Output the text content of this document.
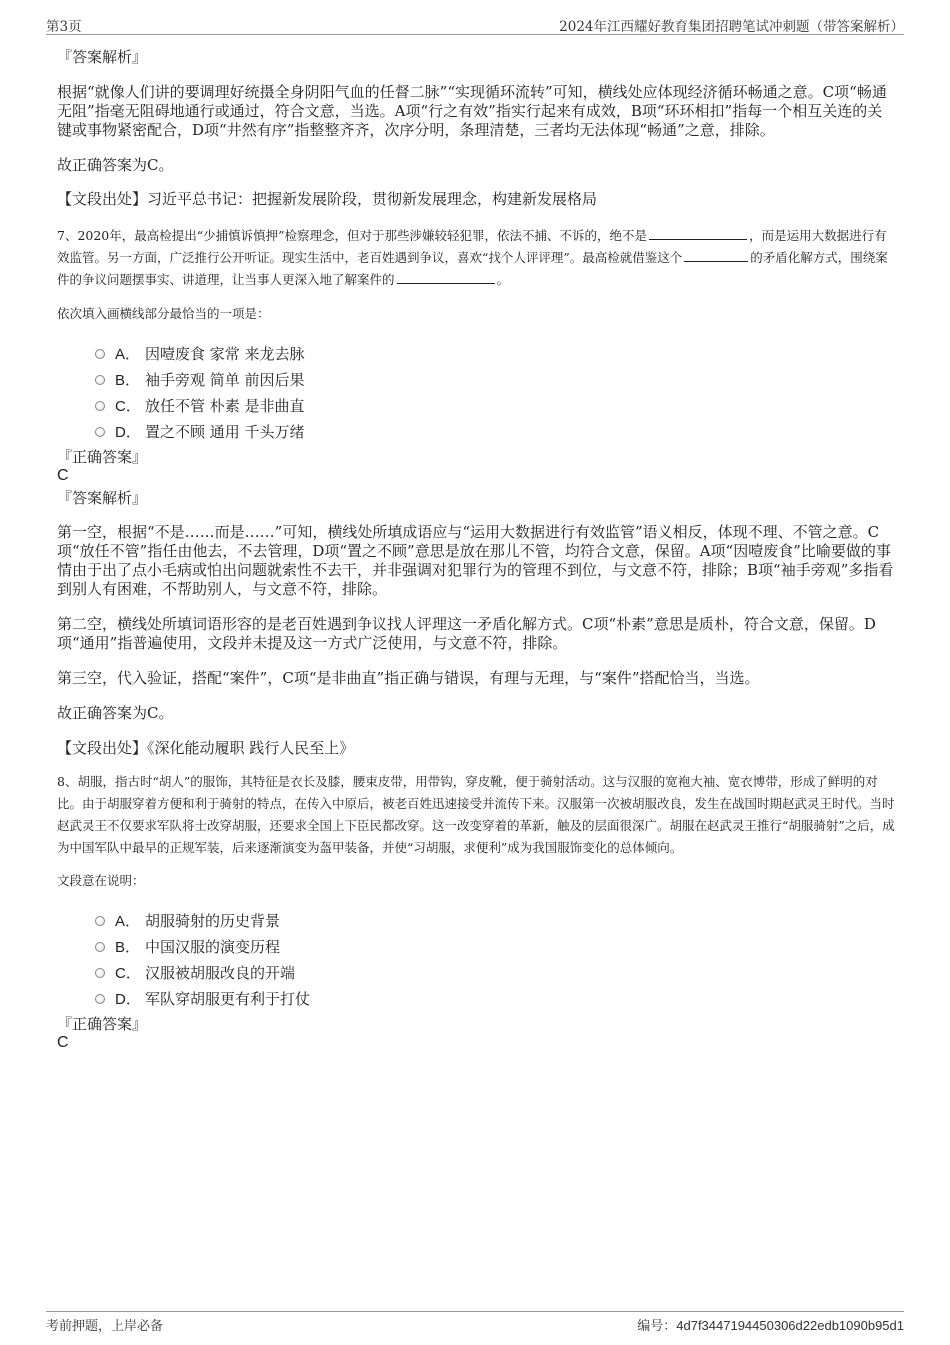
第3页	2024年江西耀好教育集团招聘笔试冲刺题（带答案解析）

『答案解析』

根据“就像人们讲的要调理好统摄全身阴阳气血的任督二脉”“实现循环流转”可知，横线处应体现经济循环畅通之意。C项“畅通无阻”指毫无阻碍地通行或通过，符合文意，当选。A项“行之有效”指实行起来有成效，B项“环环相扣”指每一个相互关连的关键或事物紧密配合，D项“井然有序”指整整齐齐，次序分明，条理清楚，三者均无法体现“畅通”之意，排除。

故正确答案为C。

【文段出处】习近平总书记：把握新发展阶段，贯彻新发展理念，构建新发展格局

7、2020年，最高检提出“少捕慎诉慎押”检察理念，但对于那些涉嫌较轻犯罪，依法不捕、不诉的，绝不是	，而是运用大数据进行有效监管。另一方面，广泛推行公开听证。现实生活中，老百姓遇到争议，喜欢“找个人评评理”。最高检就借鉴这个	的矛盾化解方式，围绕案件的争议问题摆事实、讲道理，让当事人更深入地了解案件的	。

依次填入画横线部分最恰当的一项是：

A． 因噎废食 家常 来龙去脉
B． 袖手旁观 简单 前因后果
C． 放任不管 朴素 是非曲直
D． 置之不顾 通用 千头万绪

『正确答案』

C

『答案解析』

第一空，根据“不是……而是……”可知，横线处所填成语应与“运用大数据进行有效监管”语义相反，体现不理、不管之意。C项“放任不管”指任由他去，不去管理，D项“置之不顾”意思是放在那儿不管，均符合文意，保留。A项“因噎废食”比喻要做的事情由于出了点小毛病或怕出问题就索性不去干，并非强调对犯罪行为的管理不到位，与文意不符，排除；B项“袖手旁观”多指看到别人有困难，不帮助别人，与文意不符，排除。

第二空，横线处所填词语形容的是老百姓遇到争议找人评理这一矛盾化解方式。C项“朴素”意思是质朴，符合文意，保留。D项“通用”指普遍使用，文段并未提及这一方式广泛使用，与文意不符，排除。

第三空，代入验证，搭配“案件”，C项“是非曲直”指正确与错误，有理与无理，与“案件”搭配恰当，当选。

故正确答案为C。

【文段出处】《深化能动履职 践行人民至上》

8、胡服，指古时“胡人”的服饰，其特征是衣长及膝，腰束皮带，用带钩，穿皮靴，便于骑射活动。这与汉服的宽袍大袖、宽衣博带，形成了鲜明的对比。由于胡服穿着方便和利于骑射的特点，在传入中原后，被老百姓迅速接受并流传下来。汉服第一次被胡服改良，发生在战国时期赵武灵王时代。当时赵武灵王不仅要求军队将士改穿胡服，还要求全国上下臣民都改穿。这一改变穿着的革新，触及的层面很深广。胡服在赵武灵王推行“胡服骑射”之后，成为中国军队中最早的正规军装，后来逐渐演变为盔甲装备，并使“习胡服，求便利”成为我国服饰变化的总体倾向。

文段意在说明：

A． 胡服骑射的历史背景
B． 中国汉服的演变历程
C． 汉服被胡服改良的开端
D． 军队穿胡服更有利于打仗

『正确答案』

C

考前押题，上岸必备	编号：4d7f3447194450306d22edb1090b95d1
